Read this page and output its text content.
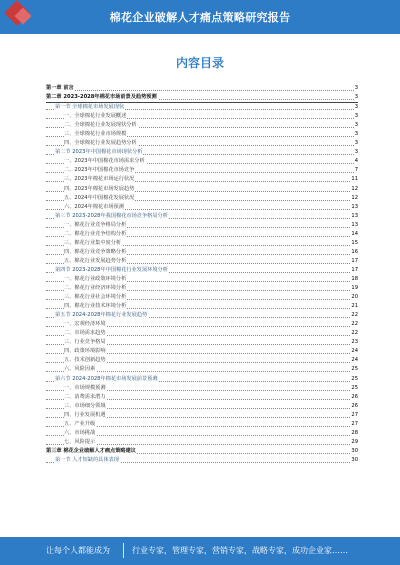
棉花企业破解人才痛点策略研究报告
内容目录
第一章 前言	3
第二章 2023-2028年棉花市场前景及趋势预测	3
第一节 全球棉花市场发展现状	3
一、全球棉花行业发展概述	3
二、全球棉花行业发展现状分析	3
三、全球棉花行业市场规模	3
四、全球棉花行业发展趋势分析	3
第二节 2023年中国棉花市场现状分析	3
一、2023年中国棉花市场需求分析	4
二、2023年中国棉花市场竞争	7
三、2023年棉花市场运行状况	11
四、2023年棉花市场发展趋势	12
五、2024年中国棉花发展状况	12
六、2024年棉花市场预测	13
第三节 2023-2028年我国棉花市场竞争格局分析	13
一、棉花行业竞争格局分析	13
二、棉花行业竞争结构分析	14
三、棉花行业集中度分析	15
四、棉花行业竞争策略分析	16
五、棉花行业发展趋势分析	17
第四节 2023-2028年中国棉花行业发展环境分析	17
一、棉花行业政策环境分析	18
二、棉花行业经济环境分析	19
三、棉花行业社会环境分析	20
四、棉花行业技术环境分析	21
第五节 2024-2028年棉花行业发展趋势	22
一、宏观经济环境	22
二、市场需求趋势	22
三、行业竞争格局	23
四、政策环境影响	24
五、技术创新趋势	24
六、风险因素	25
第六节 2024-2028年棉花市场发展前景预测	25
一、市场规模预测	25
二、消费需求潜力	26
三、市场细分领域	26
四、行业发展机遇	27
五、产业升级	27
六、市场挑战	28
七、风险提示	29
第三章 棉花企业破解人才痛点策略建议	30
第一节 人才短缺的具体表现	30
让每个人都能成为	行业专家，管理专家，营销专家，战略专家，成功企业家……
